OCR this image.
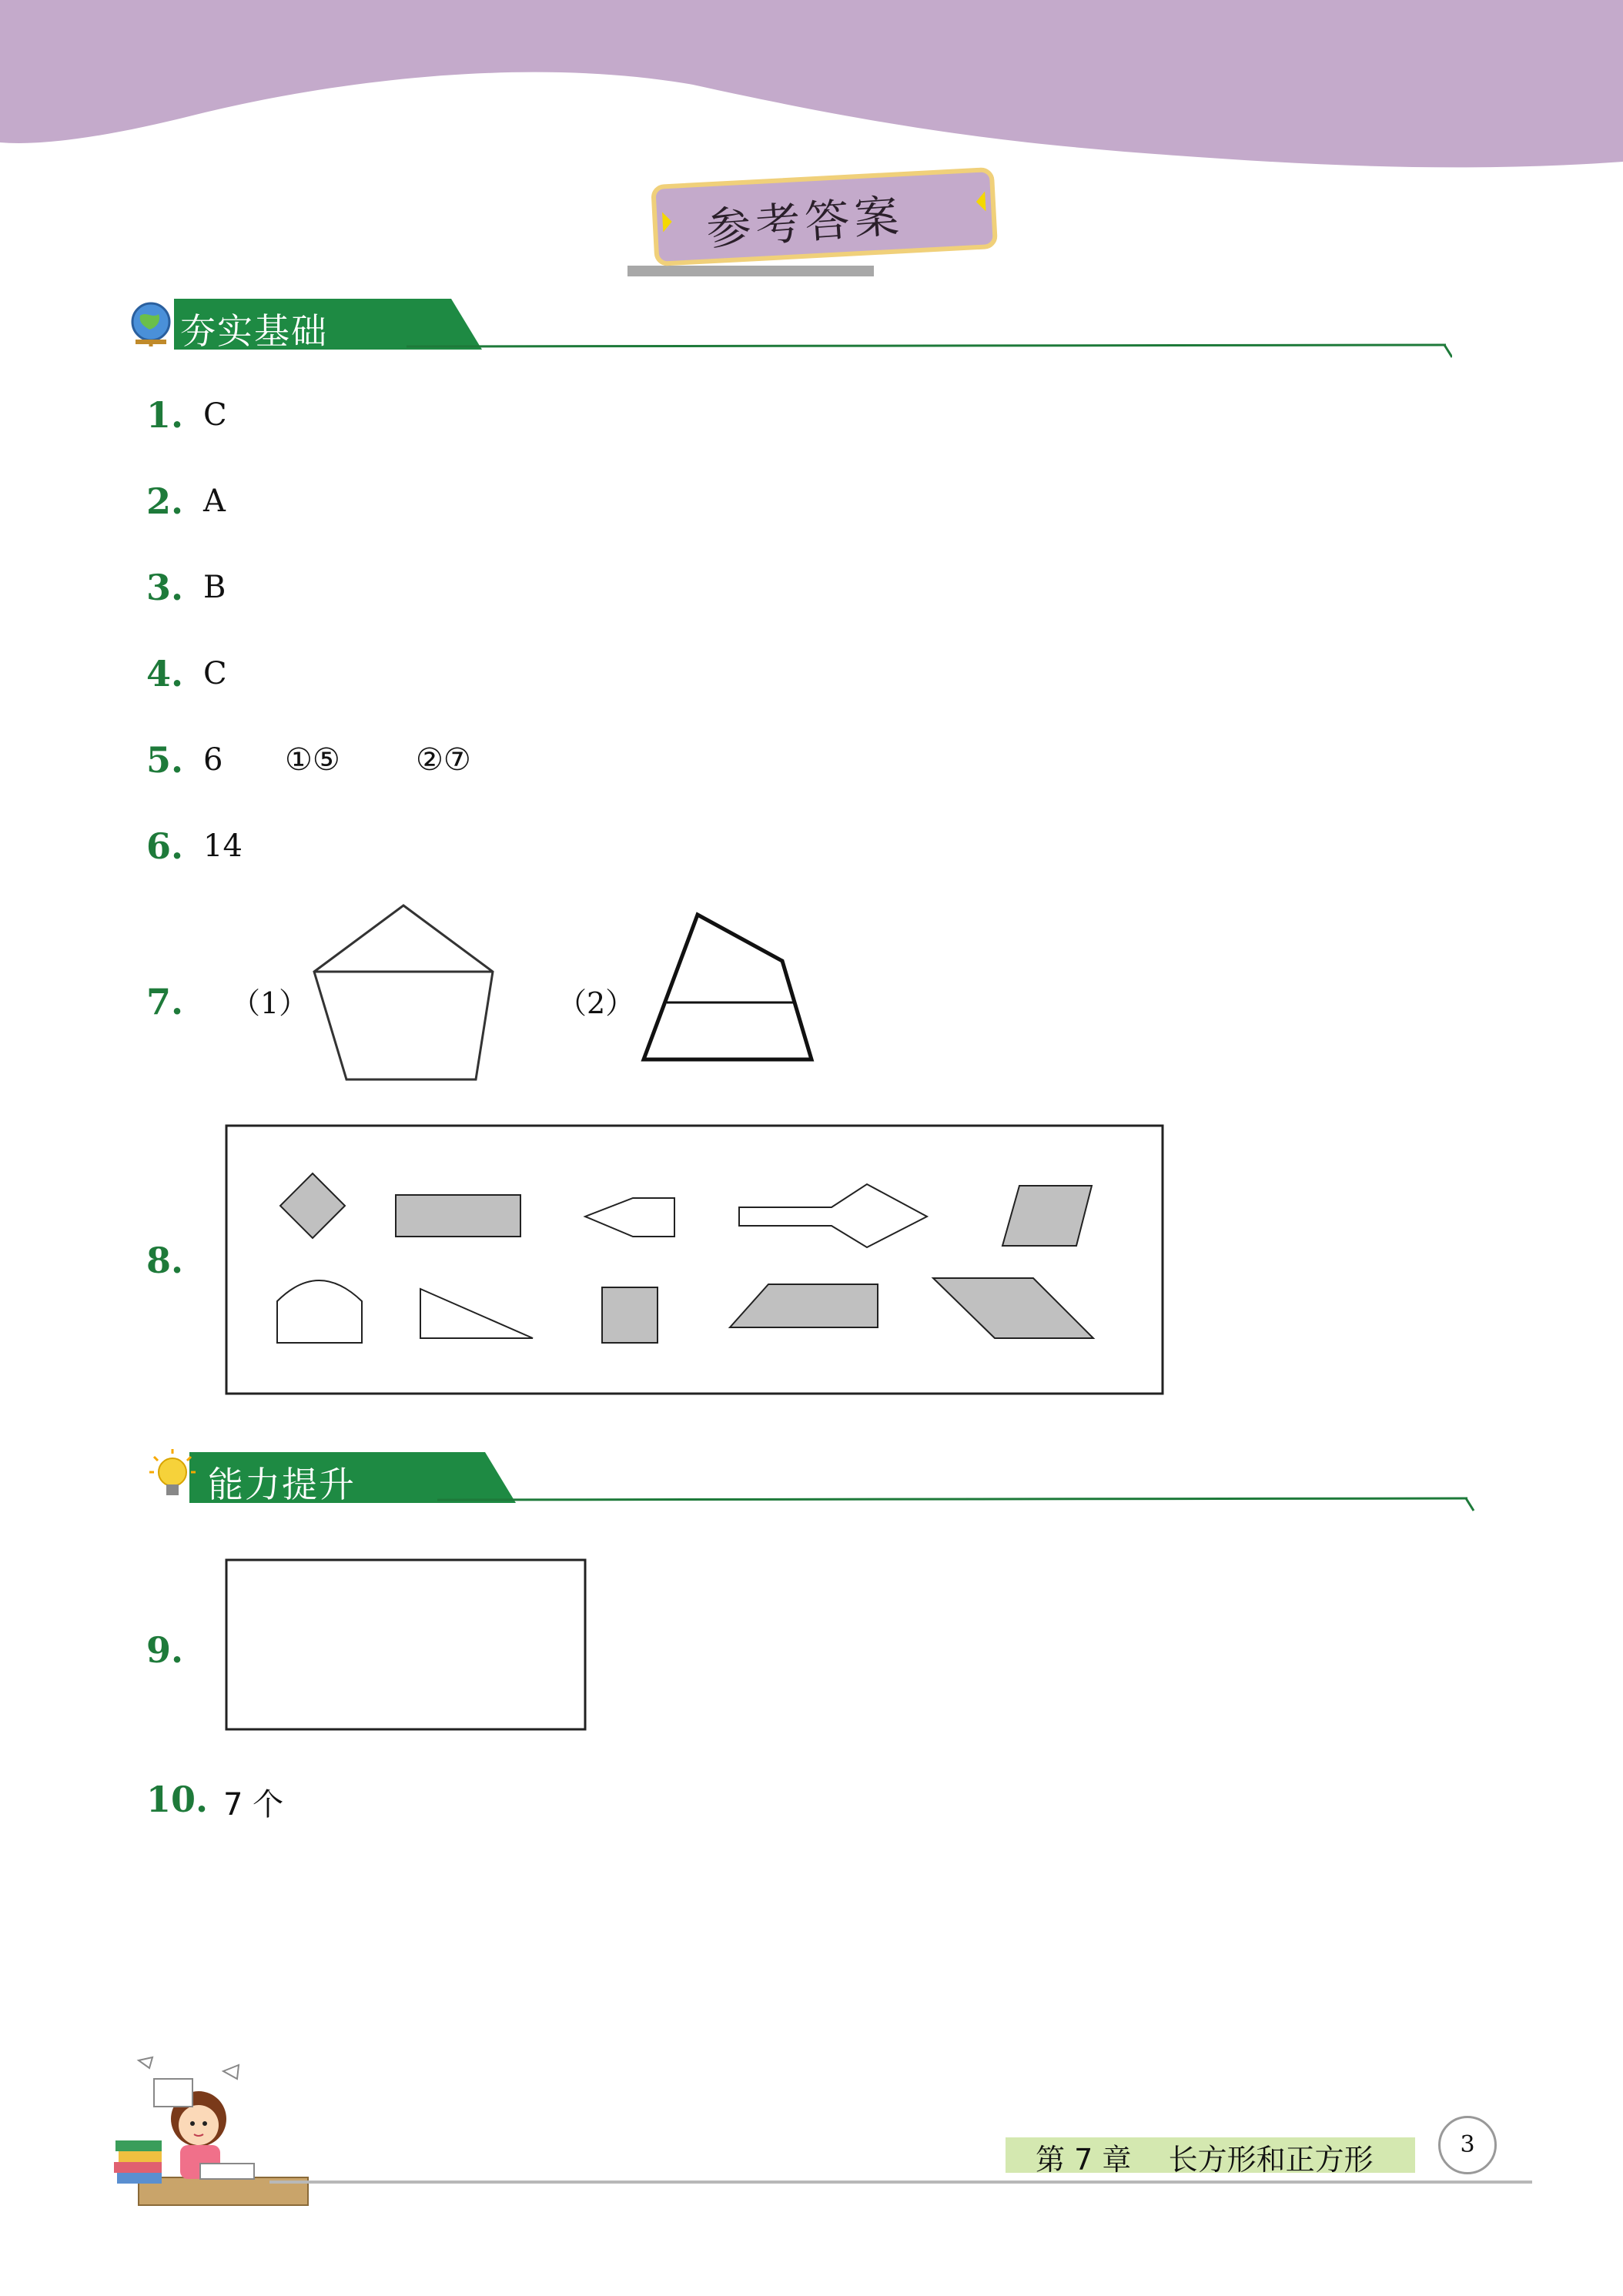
参考答案
夯实基础
1. C
2. A
3. B
4. C
5. 6 ①⑤ ②⑦
6. 14
7. （1）	（2）
8.
能力提升
9.
10. 7 个
第 7 章    长方形和正方形	3
